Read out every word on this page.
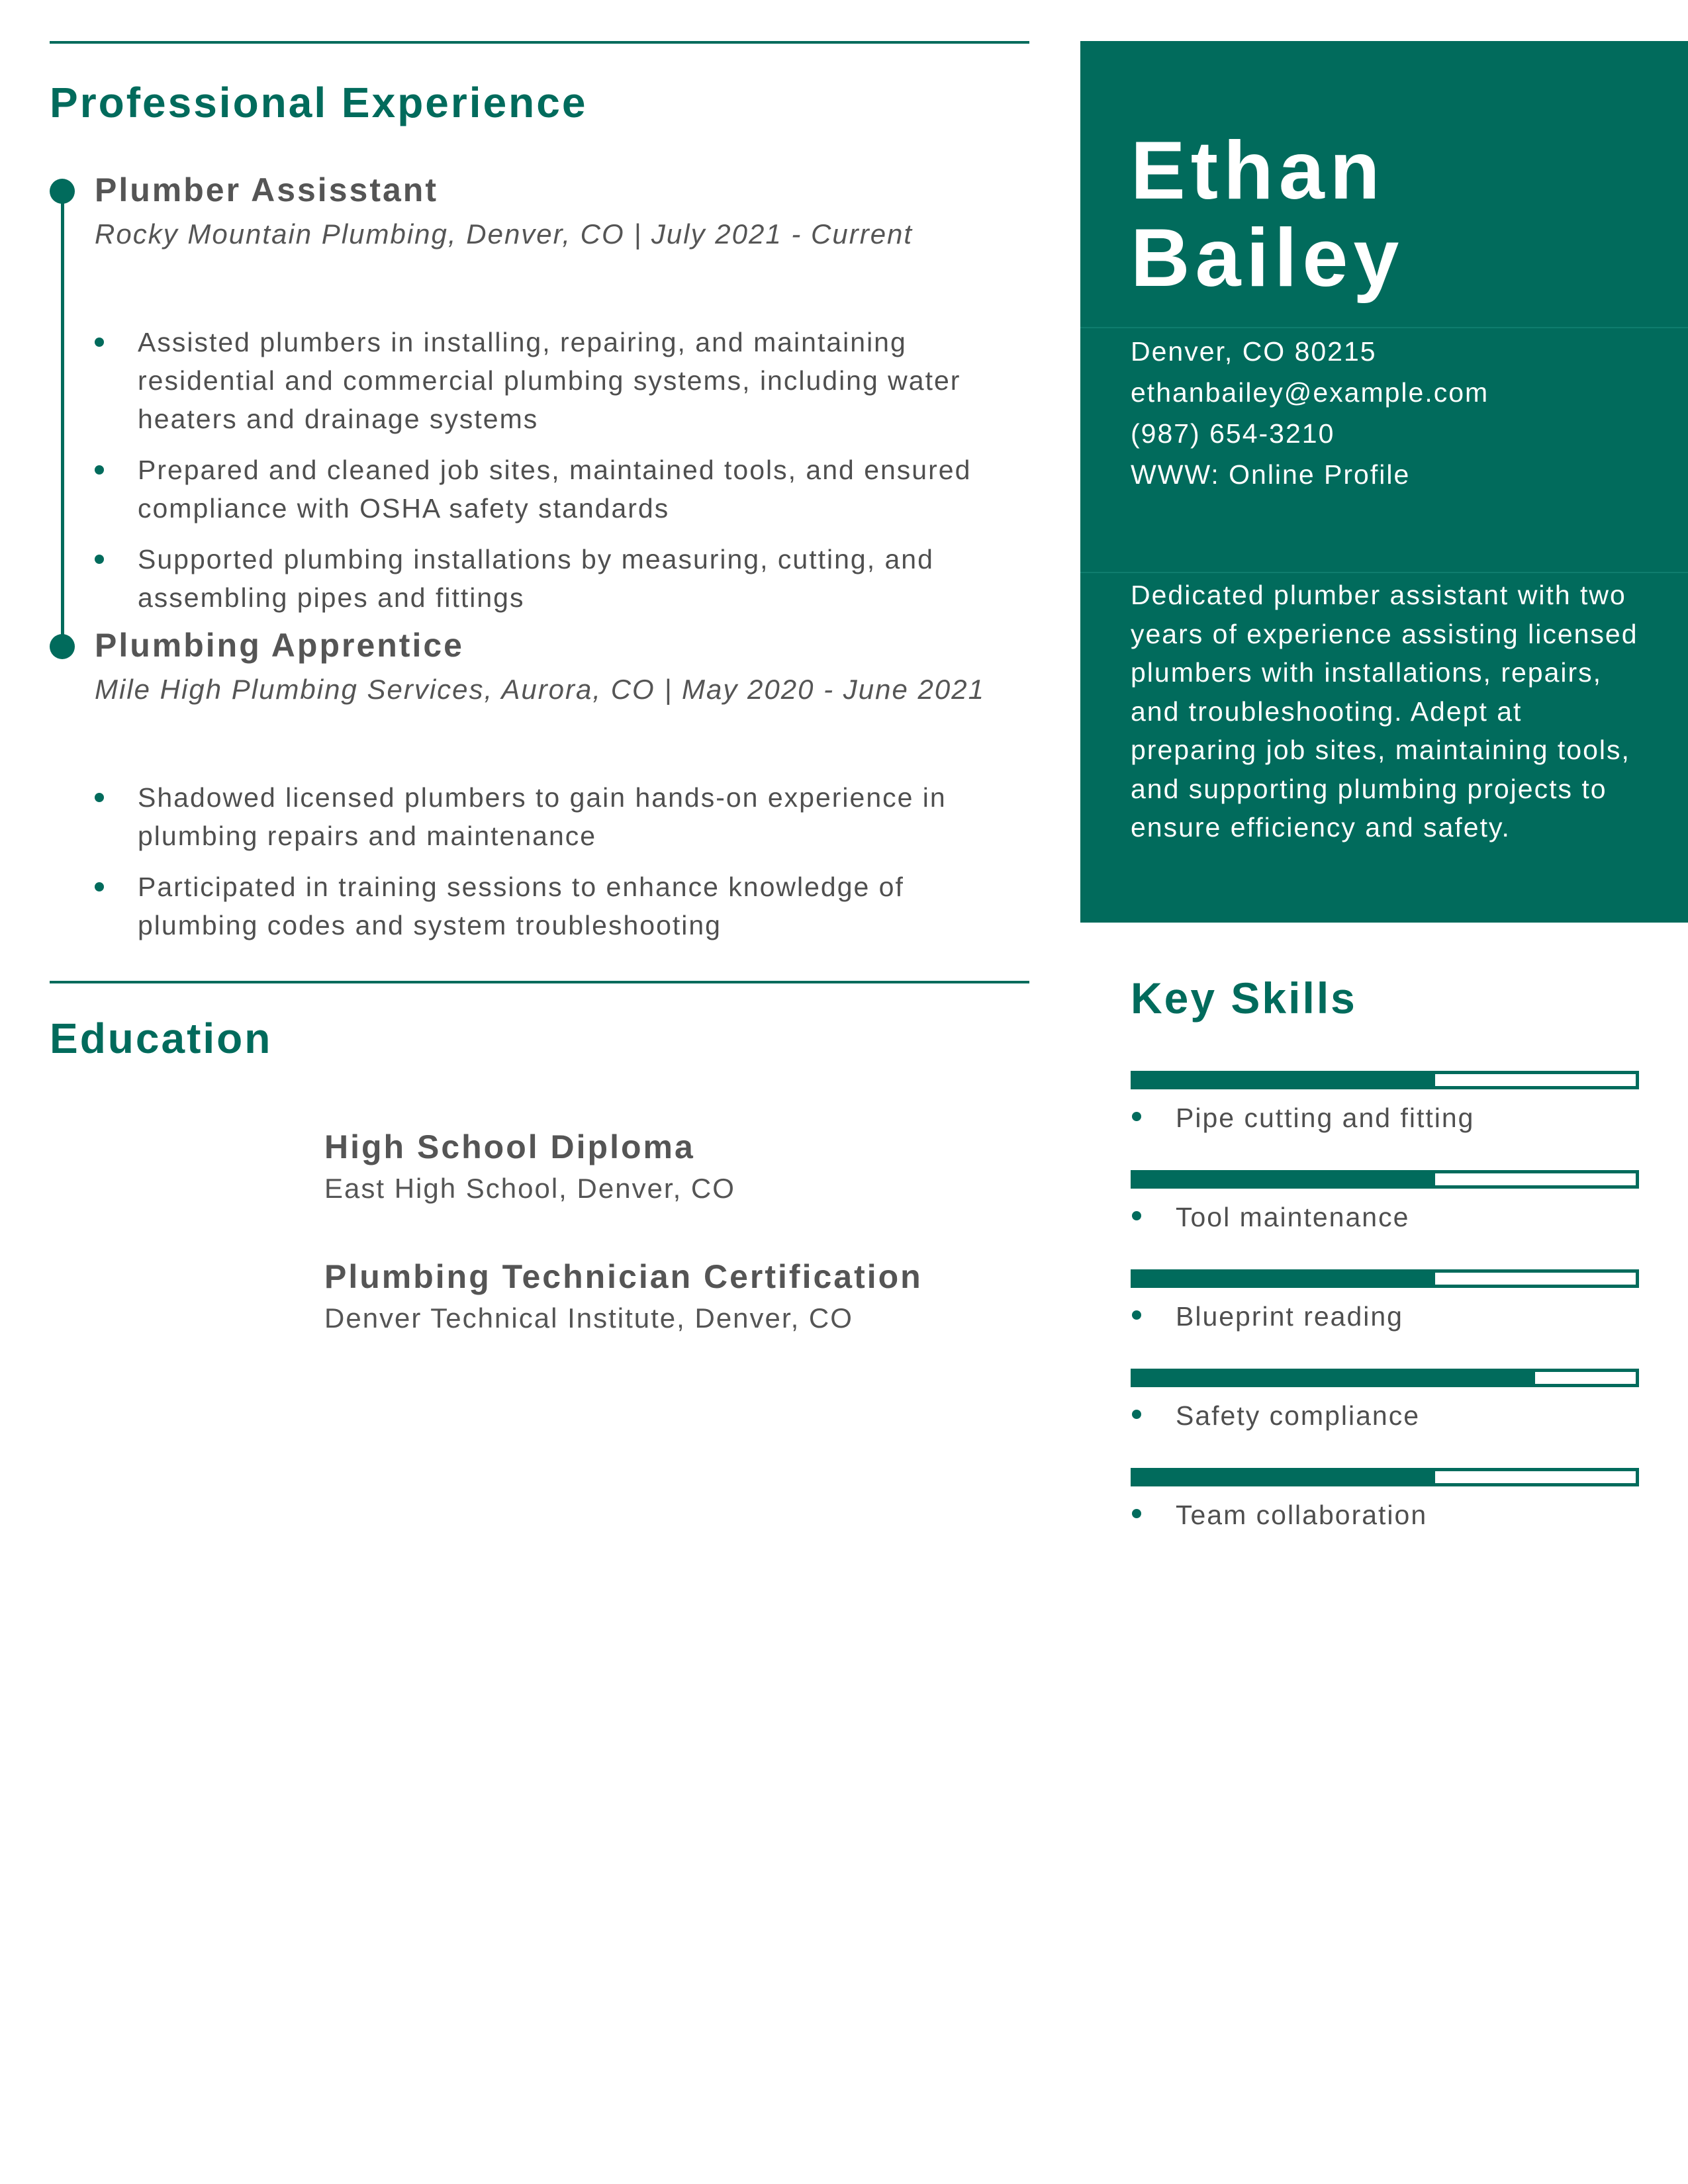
Professional Experience
Plumber Assisstant
Rocky Mountain Plumbing, Denver, CO | July 2021 - Current
Assisted plumbers in installing, repairing, and maintaining residential and commercial plumbing systems, including water heaters and drainage systems
Prepared and cleaned job sites, maintained tools, and ensured compliance with OSHA safety standards
Supported plumbing installations by measuring, cutting, and assembling pipes and fittings
Plumbing Apprentice
Mile High Plumbing Services, Aurora, CO | May 2020 - June 2021
Shadowed licensed plumbers to gain hands-on experience in plumbing repairs and maintenance
Participated in training sessions to enhance knowledge of plumbing codes and system troubleshooting
Education
High School Diploma
East High School, Denver, CO
Plumbing Technician Certification
Denver Technical Institute, Denver, CO
Ethan
Bailey
Denver, CO 80215
ethanbailey@example.com
(987) 654-3210
WWW: Online Profile
Dedicated plumber assistant with two years of experience assisting licensed plumbers with installations, repairs, and troubleshooting. Adept at preparing job sites, maintaining tools, and supporting plumbing projects to ensure efficiency and safety.
Key Skills
Pipe cutting and fitting
Tool maintenance
Blueprint reading
Safety compliance
Team collaboration
